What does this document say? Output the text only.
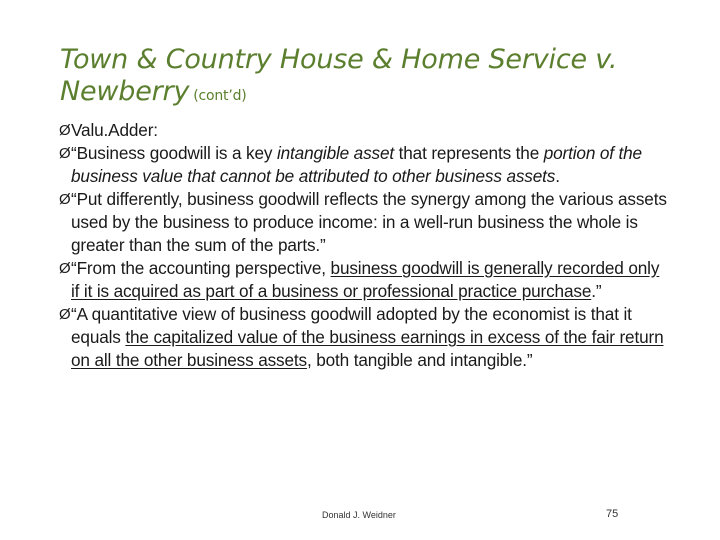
Town & Country House & Home Service v. Newberry (cont’d)
Ø Valu.Adder:
Ø “Business goodwill is a key intangible asset that represents the portion of the business value that cannot be attributed to other business assets.
Ø “Put differently, business goodwill reflects the synergy among the various assets used by the business to produce income: in a well-run business the whole is greater than the sum of the parts.”
Ø “From the accounting perspective, business goodwill is generally recorded only if it is acquired as part of a business or professional practice purchase.”
Ø “A quantitative view of business goodwill adopted by the economist is that it equals the capitalized value of the business earnings in excess of the fair return on all the other business assets, both tangible and intangible.”
Donald J. Weidner	75
